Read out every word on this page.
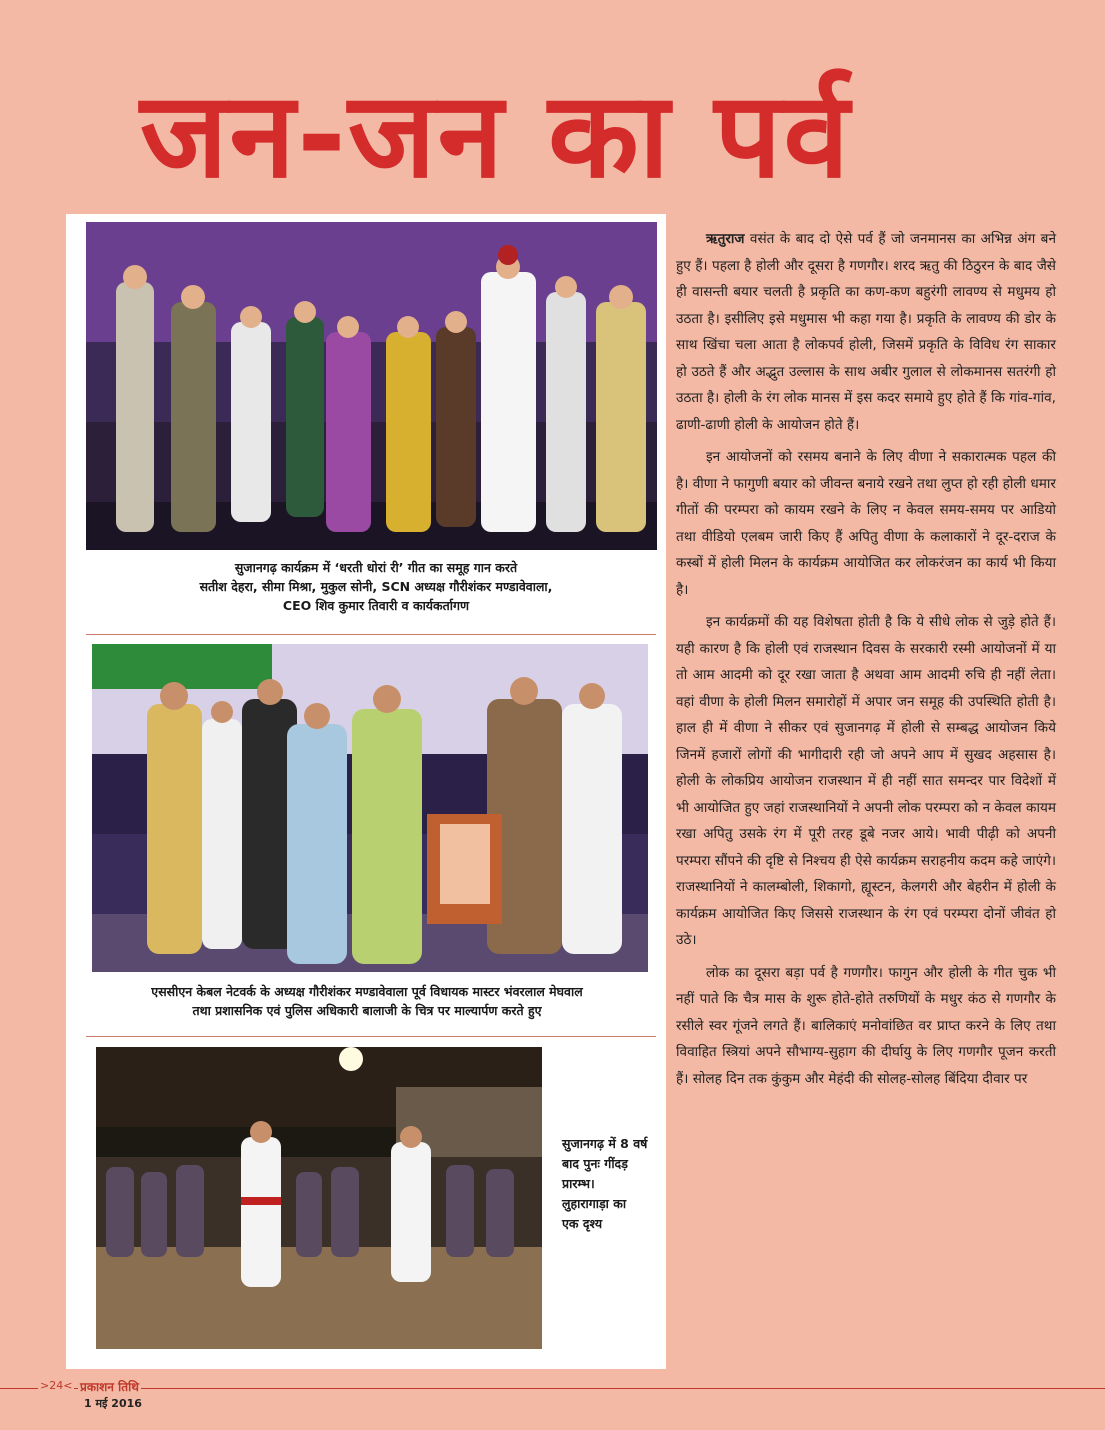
जन-जन का पर्व
सुजानगढ़ कार्यक्रम में ‘धरती धोरां री’ गीत का समूह गान करते
सतीश देहरा, सीमा मिश्रा, मुकुल सोनी, SCN अध्यक्ष गौरीशंकर मण्डावेवाला,
CEO शिव कुमार तिवारी व कार्यकर्तागण
एससीएन केबल नेटवर्क के अध्यक्ष गौरीशंकर मण्डावेवाला पूर्व विधायक मास्टर भंवरलाल मेघवाल
तथा प्रशासनिक एवं पुलिस अधिकारी बालाजी के चित्र पर माल्यार्पण करते हुए
सुजानगढ़ में 8 वर्ष
बाद पुनः गींदड़
प्रारम्भ।
लुहारागाड़ा का
एक दृश्य

ऋतुराज वसंत के बाद दो ऐसे पर्व हैं जो जनमानस का अभिन्न अंग बने हुए हैं। पहला है होली और दूसरा है गणगौर। शरद ऋतु की ठिठुरन के बाद जैसे ही वासन्ती बयार चलती है प्रकृति का कण-कण बहुरंगी लावण्य से मधुमय हो उठता है। इसीलिए इसे मधुमास भी कहा गया है। प्रकृति के लावण्य की डोर के साथ खिंचा चला आता है लोकपर्व होली, जिसमें प्रकृति के विविध रंग साकार हो उठते हैं और अद्भुत उल्लास के साथ अबीर गुलाल से लोकमानस सतरंगी हो उठता है। होली के रंग लोक मानस में इस कदर समाये हुए होते हैं कि गांव-गांव, ढाणी-ढाणी होली के आयोजन होते हैं।

इन आयोजनों को रसमय बनाने के लिए वीणा ने सकारात्मक पहल की है। वीणा ने फागुणी बयार को जीवन्त बनाये रखने तथा लुप्त हो रही होली धमार गीतों की परम्परा को कायम रखने के लिए न केवल समय-समय पर आडियो तथा वीडियो एलबम जारी किए हैं अपितु वीणा के कलाकारों ने दूर-दराज के कस्बों में होली मिलन के कार्यक्रम आयोजित कर लोकरंजन का कार्य भी किया है।

इन कार्यक्रमों की यह विशेषता होती है कि ये सीधे लोक से जुड़े होते हैं। यही कारण है कि होली एवं राजस्थान दिवस के सरकारी रस्मी आयोजनों में या तो आम आदमी को दूर रखा जाता है अथवा आम आदमी रुचि ही नहीं लेता। वहां वीणा के होली मिलन समारोहों में अपार जन समूह की उपस्थिति होती है। हाल ही में वीणा ने सीकर एवं सुजानगढ़ में होली से सम्बद्ध आयोजन किये जिनमें हजारों लोगों की भागीदारी रही जो अपने आप में सुखद अहसास है। होली के लोकप्रिय आयोजन राजस्थान में ही नहीं सात समन्दर पार विदेशों में भी आयोजित हुए जहां राजस्थानियों ने अपनी लोक परम्परा को न केवल कायम रखा अपितु उसके रंग में पूरी तरह डूबे नजर आये। भावी पीढ़ी को अपनी परम्परा सौंपने की दृष्टि से निश्चय ही ऐसे कार्यक्रम सराहनीय कदम कहे जाएंगे। राजस्थानियों ने कालम्बोली, शिकागो, ह्यूस्टन, केलगरी और बेहरीन में होली के कार्यक्रम आयोजित किए जिससे राजस्थान के रंग एवं परम्परा दोनों जीवंत हो उठे।

लोक का दूसरा बड़ा पर्व है गणगौर। फागुन और होली के गीत चुक भी नहीं पाते कि चैत्र मास के शुरू होते-होते तरुणियों के मधुर कंठ से गणगौर के रसीले स्वर गूंजने लगते हैं। बालिकाएं मनोवांछित वर प्राप्त करने के लिए तथा विवाहित स्त्रियां अपने सौभाग्य-सुहाग की दीर्घायु के लिए गणगौर पूजन करती हैं। सोलह दिन तक कुंकुम और मेहंदी की सोलह-सोलह बिंदिया दीवार पर

>24< प्रकाशन तिथि
1 मई 2016
